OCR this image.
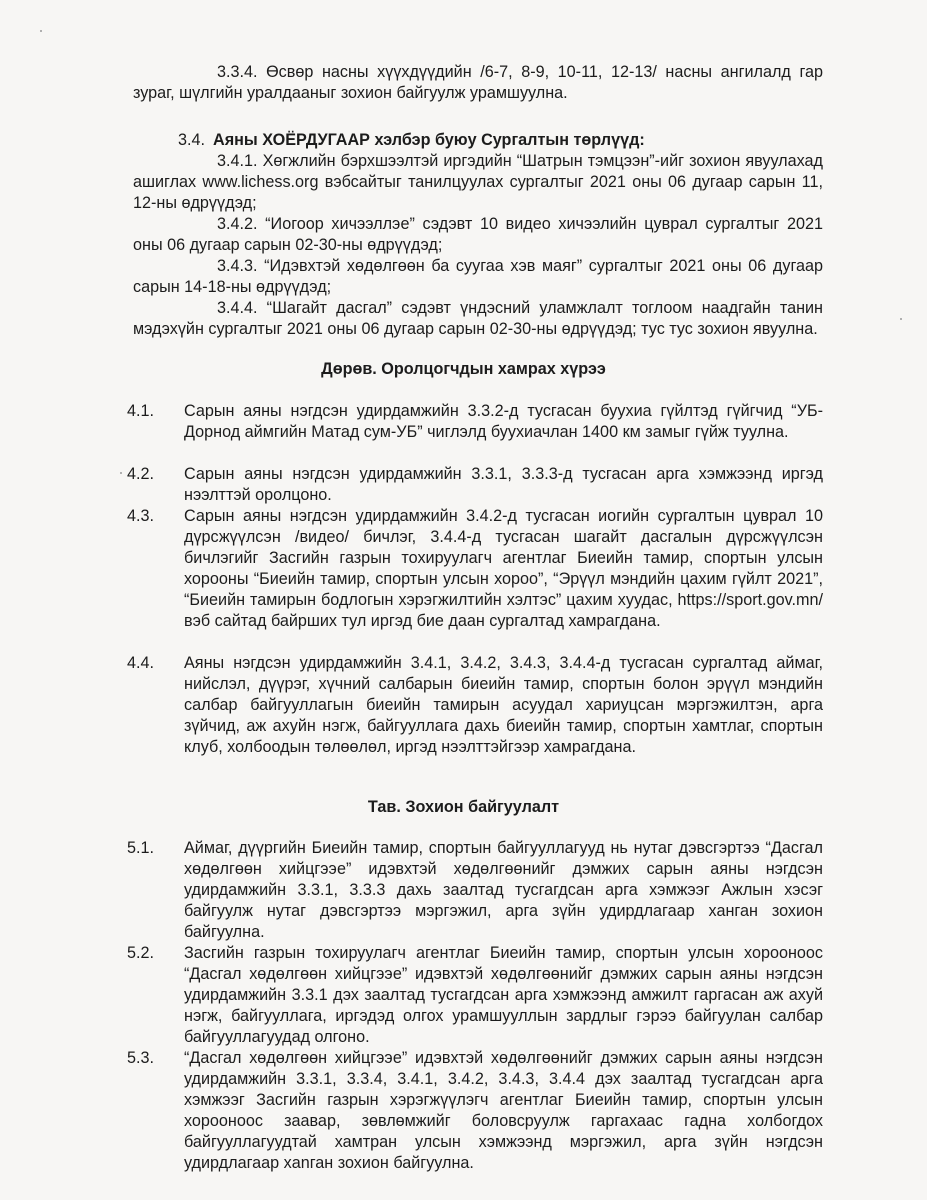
3.3.4. Өсвөр насны хүүхдүүдийн /6-7, 8-9, 10-11, 12-13/ насны ангилалд гар зураг, шүлгийн уралдааныг зохион байгуулж урамшуулна.

3.4. Аяны ХОЁРДУГААР хэлбэр буюу Сургалтын төрлүүд:

3.4.1. Хөгжлийн бэрхшээлтэй иргэдийн “Шатрын тэмцээн”-ийг зохион явуулахад ашиглах www.lichess.org вэбсайтыг танилцуулах сургалтыг 2021 оны 06 дугаар сарын 11, 12-ны өдрүүдэд;

3.4.2. “Иогоор хичээллэе” сэдэвт 10 видео хичээлийн цуврал сургалтыг 2021 оны 06 дугаар сарын 02-30-ны өдрүүдэд;

3.4.3. “Идэвхтэй хөдөлгөөн ба суугаа хэв маяг” сургалтыг 2021 оны 06 дугаар сарын 14-18-ны өдрүүдэд;

3.4.4. “Шагайт дасгал” сэдэвт үндэсний уламжлалт тоглоом наадгайн танин мэдэхүйн сургалтыг 2021 оны 06 дугаар сарын 02-30-ны өдрүүдэд; тус тус зохион явуулна.

Дөрөв. Оролцогчдын хамрах хүрээ

4.1.	Сарын аяны нэгдсэн удирдамжийн 3.3.2-д тусгасан буухиа гүйлтэд гүйгчид “УБ-Дорнод аймгийн Матад сум-УБ” чиглэлд буухиачлан 1400 км замыг гүйж туулна.
4.2.	Сарын аяны нэгдсэн удирдамжийн 3.3.1, 3.3.3-д тусгасан арга хэмжээнд иргэд нээлттэй оролцоно.
4.3.	Сарын аяны нэгдсэн удирдамжийн 3.4.2-д тусгасан иогийн сургалтын цуврал 10 дүрсжүүлсэн /видео/ бичлэг, 3.4.4-д тусгасан шагайт дасгалын дүрсжүүлсэн бичлэгийг Засгийн газрын тохируулагч агентлаг Биеийн тамир, спортын улсын хорооны “Биеийн тамир, спортын улсын хороо”, “Эрүүл мэндийн цахим гүйлт 2021”, “Биеийн тамирын бодлогын хэрэгжилтийн хэлтэс” цахим хуудас, https://sport.gov.mn/ вэб сайтад байрших тул иргэд бие даан сургалтад хамрагдана.
4.4.	Аяны нэгдсэн удирдамжийн 3.4.1, 3.4.2, 3.4.3, 3.4.4-д тусгасан сургалтад аймаг, нийслэл, дүүрэг, хүчний салбарын биеийн тамир, спортын болон эрүүл мэндийн салбар байгууллагын биеийн тамирын асуудал хариуцсан мэргэжилтэн, арга зүйчид, аж ахуйн нэгж, байгууллага дахь биеийн тамир, спортын хамтлаг, спортын клуб, холбоодын төлөөлөл, иргэд нээлттэйгээр хамрагдана.

Тав. Зохион байгуулалт

5.1.	Аймаг, дүүргийн Биеийн тамир, спортын байгууллагууд нь нутаг дэвсгэртээ “Дасгал хөдөлгөөн хийцгээе” идэвхтэй хөдөлгөөнийг дэмжих сарын аяны нэгдсэн удирдамжийн 3.3.1, 3.3.3 дахь заалтад тусгагдсан арга хэмжээг Ажлын хэсэг байгуулж нутаг дэвсгэртээ мэргэжил, арга зүйн удирдлагаар ханган зохион байгуулна.
5.2.	Засгийн газрын тохируулагч агентлаг Биеийн тамир, спортын улсын хорооноос “Дасгал хөдөлгөөн хийцгээе” идэвхтэй хөдөлгөөнийг дэмжих сарын аяны нэгдсэн удирдамжийн 3.3.1 дэх заалтад тусгагдсан арга хэмжээнд амжилт гаргасан аж ахуй нэгж, байгууллага, иргэдэд олгох урамшууллын зардлыг гэрээ байгуулан салбар байгууллагуудад олгоно.
5.3.	“Дасгал хөдөлгөөн хийцгээе” идэвхтэй хөдөлгөөнийг дэмжих сарын аяны нэгдсэн удирдамжийн 3.3.1, 3.3.4, 3.4.1, 3.4.2, 3.4.3, 3.4.4 дэх заалтад тусгагдсан арга хэмжээг Засгийн газрын хэрэгжүүлэгч агентлаг Биеийн тамир, спортын улсын хорооноос заавар, зөвлөмжийг боловсруулж гаргахаас гадна холбогдох байгууллагуудтай хамтран улсын хэмжээнд мэргэжил, арга зүйн нэгдсэн удирдлагаар хanган зохион байгуулна.
